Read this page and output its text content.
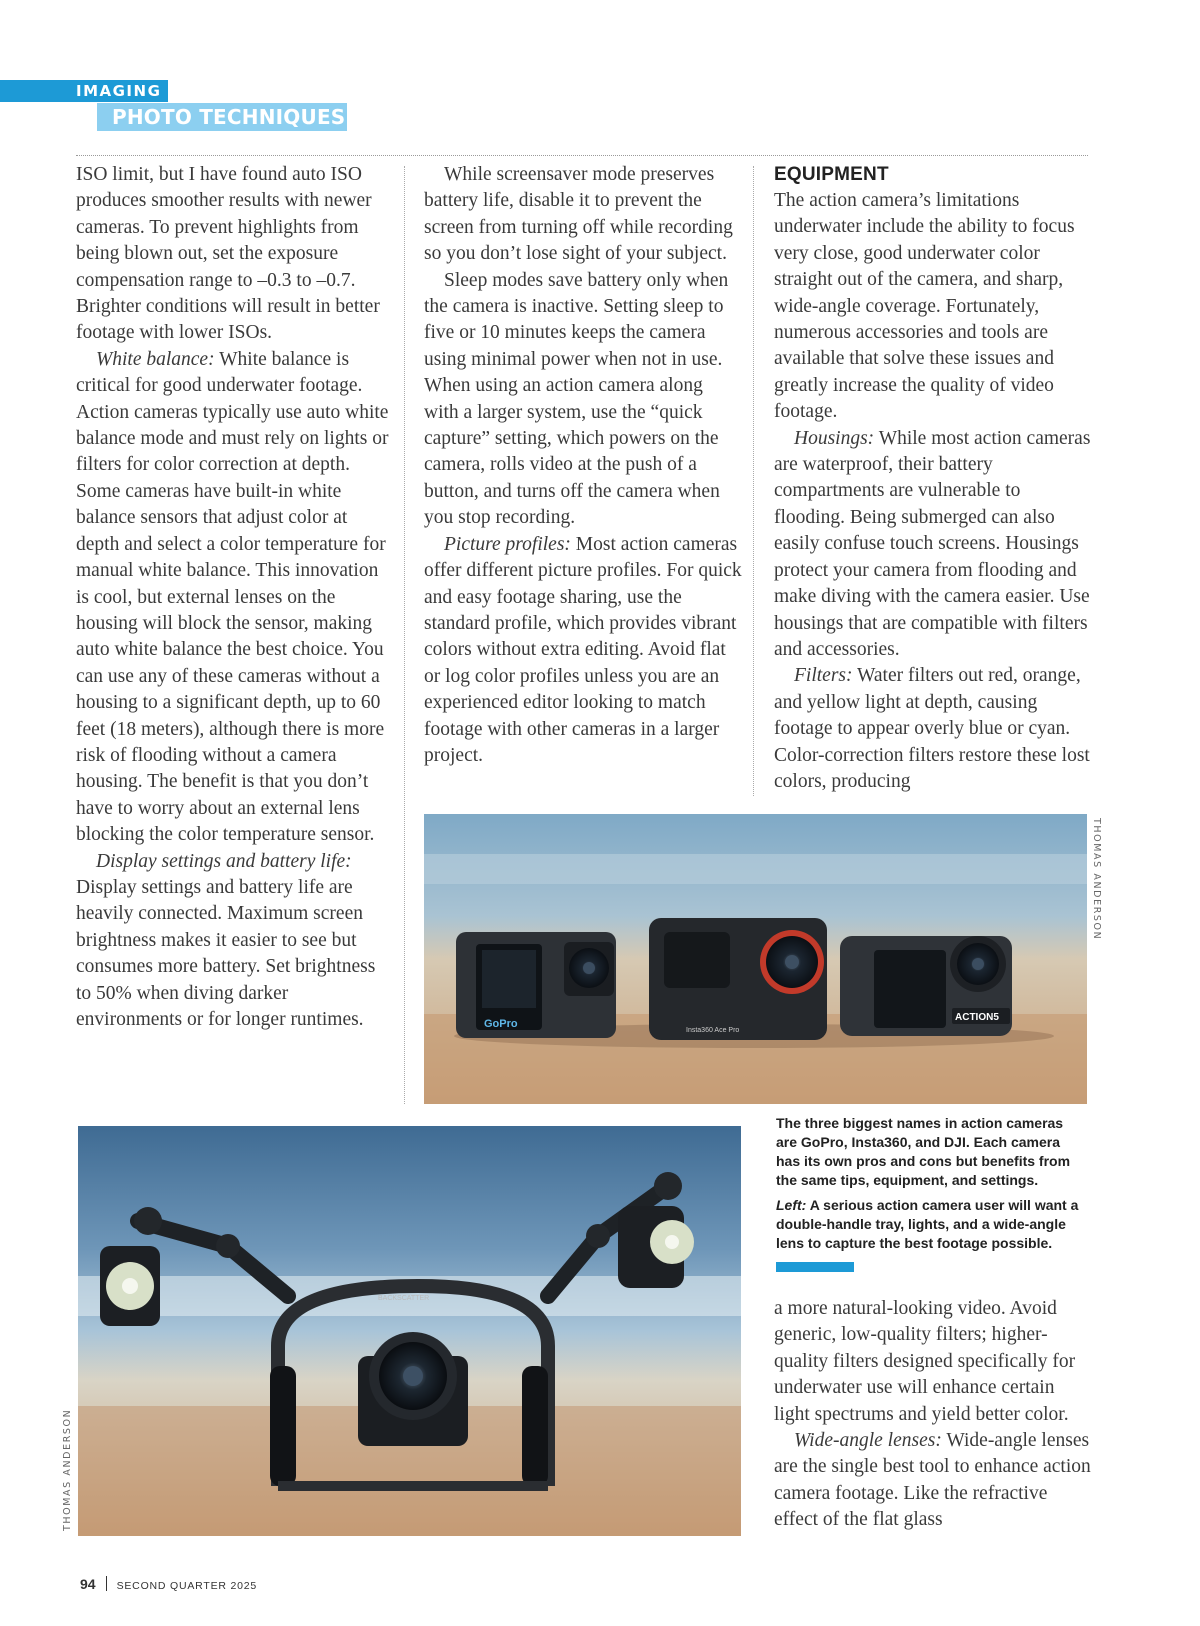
IMAGING
PHOTO TECHNIQUES

ISO limit, but I have found auto ISO produces smoother results with newer cameras. To prevent highlights from being blown out, set the exposure compensation range to –0.3 to –0.7. Brighter conditions will result in better footage with lower ISOs.

White balance: White balance is critical for good underwater footage. Action cameras typically use auto white balance mode and must rely on lights or filters for color correction at depth. Some cameras have built-in white balance sensors that adjust color at depth and select a color temperature for manual white balance. This innovation is cool, but external lenses on the housing will block the sensor, making auto white balance the best choice. You can use any of these cameras without a housing to a significant depth, up to 60 feet (18 meters), although there is more risk of flooding without a camera housing. The benefit is that you don’t have to worry about an external lens blocking the color temperature sensor.

Display settings and battery life: Display settings and battery life are heavily connected. Maximum screen brightness makes it easier to see but consumes more battery. Set brightness to 50% when diving darker environments or for longer runtimes.

While screensaver mode preserves battery life, disable it to prevent the screen from turning off while recording so you don’t lose sight of your subject.

Sleep modes save battery only when the camera is inactive. Setting sleep to five or 10 minutes keeps the camera using minimal power when not in use. When using an action camera along with a larger system, use the “quick capture” setting, which powers on the camera, rolls video at the push of a button, and turns off the camera when you stop recording.

Picture profiles: Most action cameras offer different picture profiles. For quick and easy footage sharing, use the standard profile, which provides vibrant colors without extra editing. Avoid flat or log color profiles unless you are an experienced editor looking to match footage with other cameras in a larger project.

EQUIPMENT

The action camera’s limitations underwater include the ability to focus very close, good underwater color straight out of the camera, and sharp, wide-angle coverage. Fortunately, numerous accessories and tools are available that solve these issues and greatly increase the quality of video footage.

Housings: While most action cameras are waterproof, their battery compartments are vulnerable to flooding. Being submerged can also easily confuse touch screens. Housings protect your camera from flooding and make diving with the camera easier. Use housings that are compatible with filters and accessories.

Filters: Water filters out red, orange, and yellow light at depth, causing footage to appear overly blue or cyan. Color-correction filters restore these lost colors, producing

GoPro
Insta360 Ace Pro
ACTION5
THOMAS ANDERSON

The three biggest names in action cameras are GoPro, Insta360, and DJI. Each camera has its own pros and cons but benefits from the same tips, equipment, and settings.

Left: A serious action camera user will want a double-handle tray, lights, and a wide-angle lens to capture the best footage possible.

BACKSCATTER
THOMAS ANDERSON

a more natural-looking video. Avoid generic, low-quality filters; higher-quality filters designed specifically for underwater use will enhance certain light spectrums and yield better color.

Wide-angle lenses: Wide-angle lenses are the single best tool to enhance action camera footage. Like the refractive effect of the flat glass

94 SECOND QUARTER 2025
